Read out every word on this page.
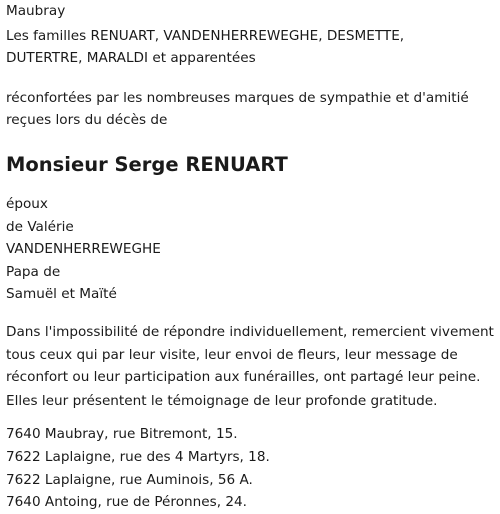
Maubray
Les familles RENUART, VANDENHERREWEGHE, DESMETTE,
DUTERTRE, MARALDI et apparentées
réconfortées par les nombreuses marques de sympathie et d'amitié
reçues lors du décès de
Monsieur Serge RENUART
époux
de Valérie
VANDENHERREWEGHE
Papa de
Samuël et Maïté
Dans l'impossibilité de répondre individuellement, remercient vivement
tous ceux qui par leur visite, leur envoi de fleurs, leur message de
réconfort ou leur participation aux funérailles, ont partagé leur peine.
Elles leur présentent le témoignage de leur profonde gratitude.
7640 Maubray, rue Bitremont, 15.
7622 Laplaigne, rue des 4 Martyrs, 18.
7622 Laplaigne, rue Auminois, 56 A.
7640 Antoing, rue de Péronnes, 24.
